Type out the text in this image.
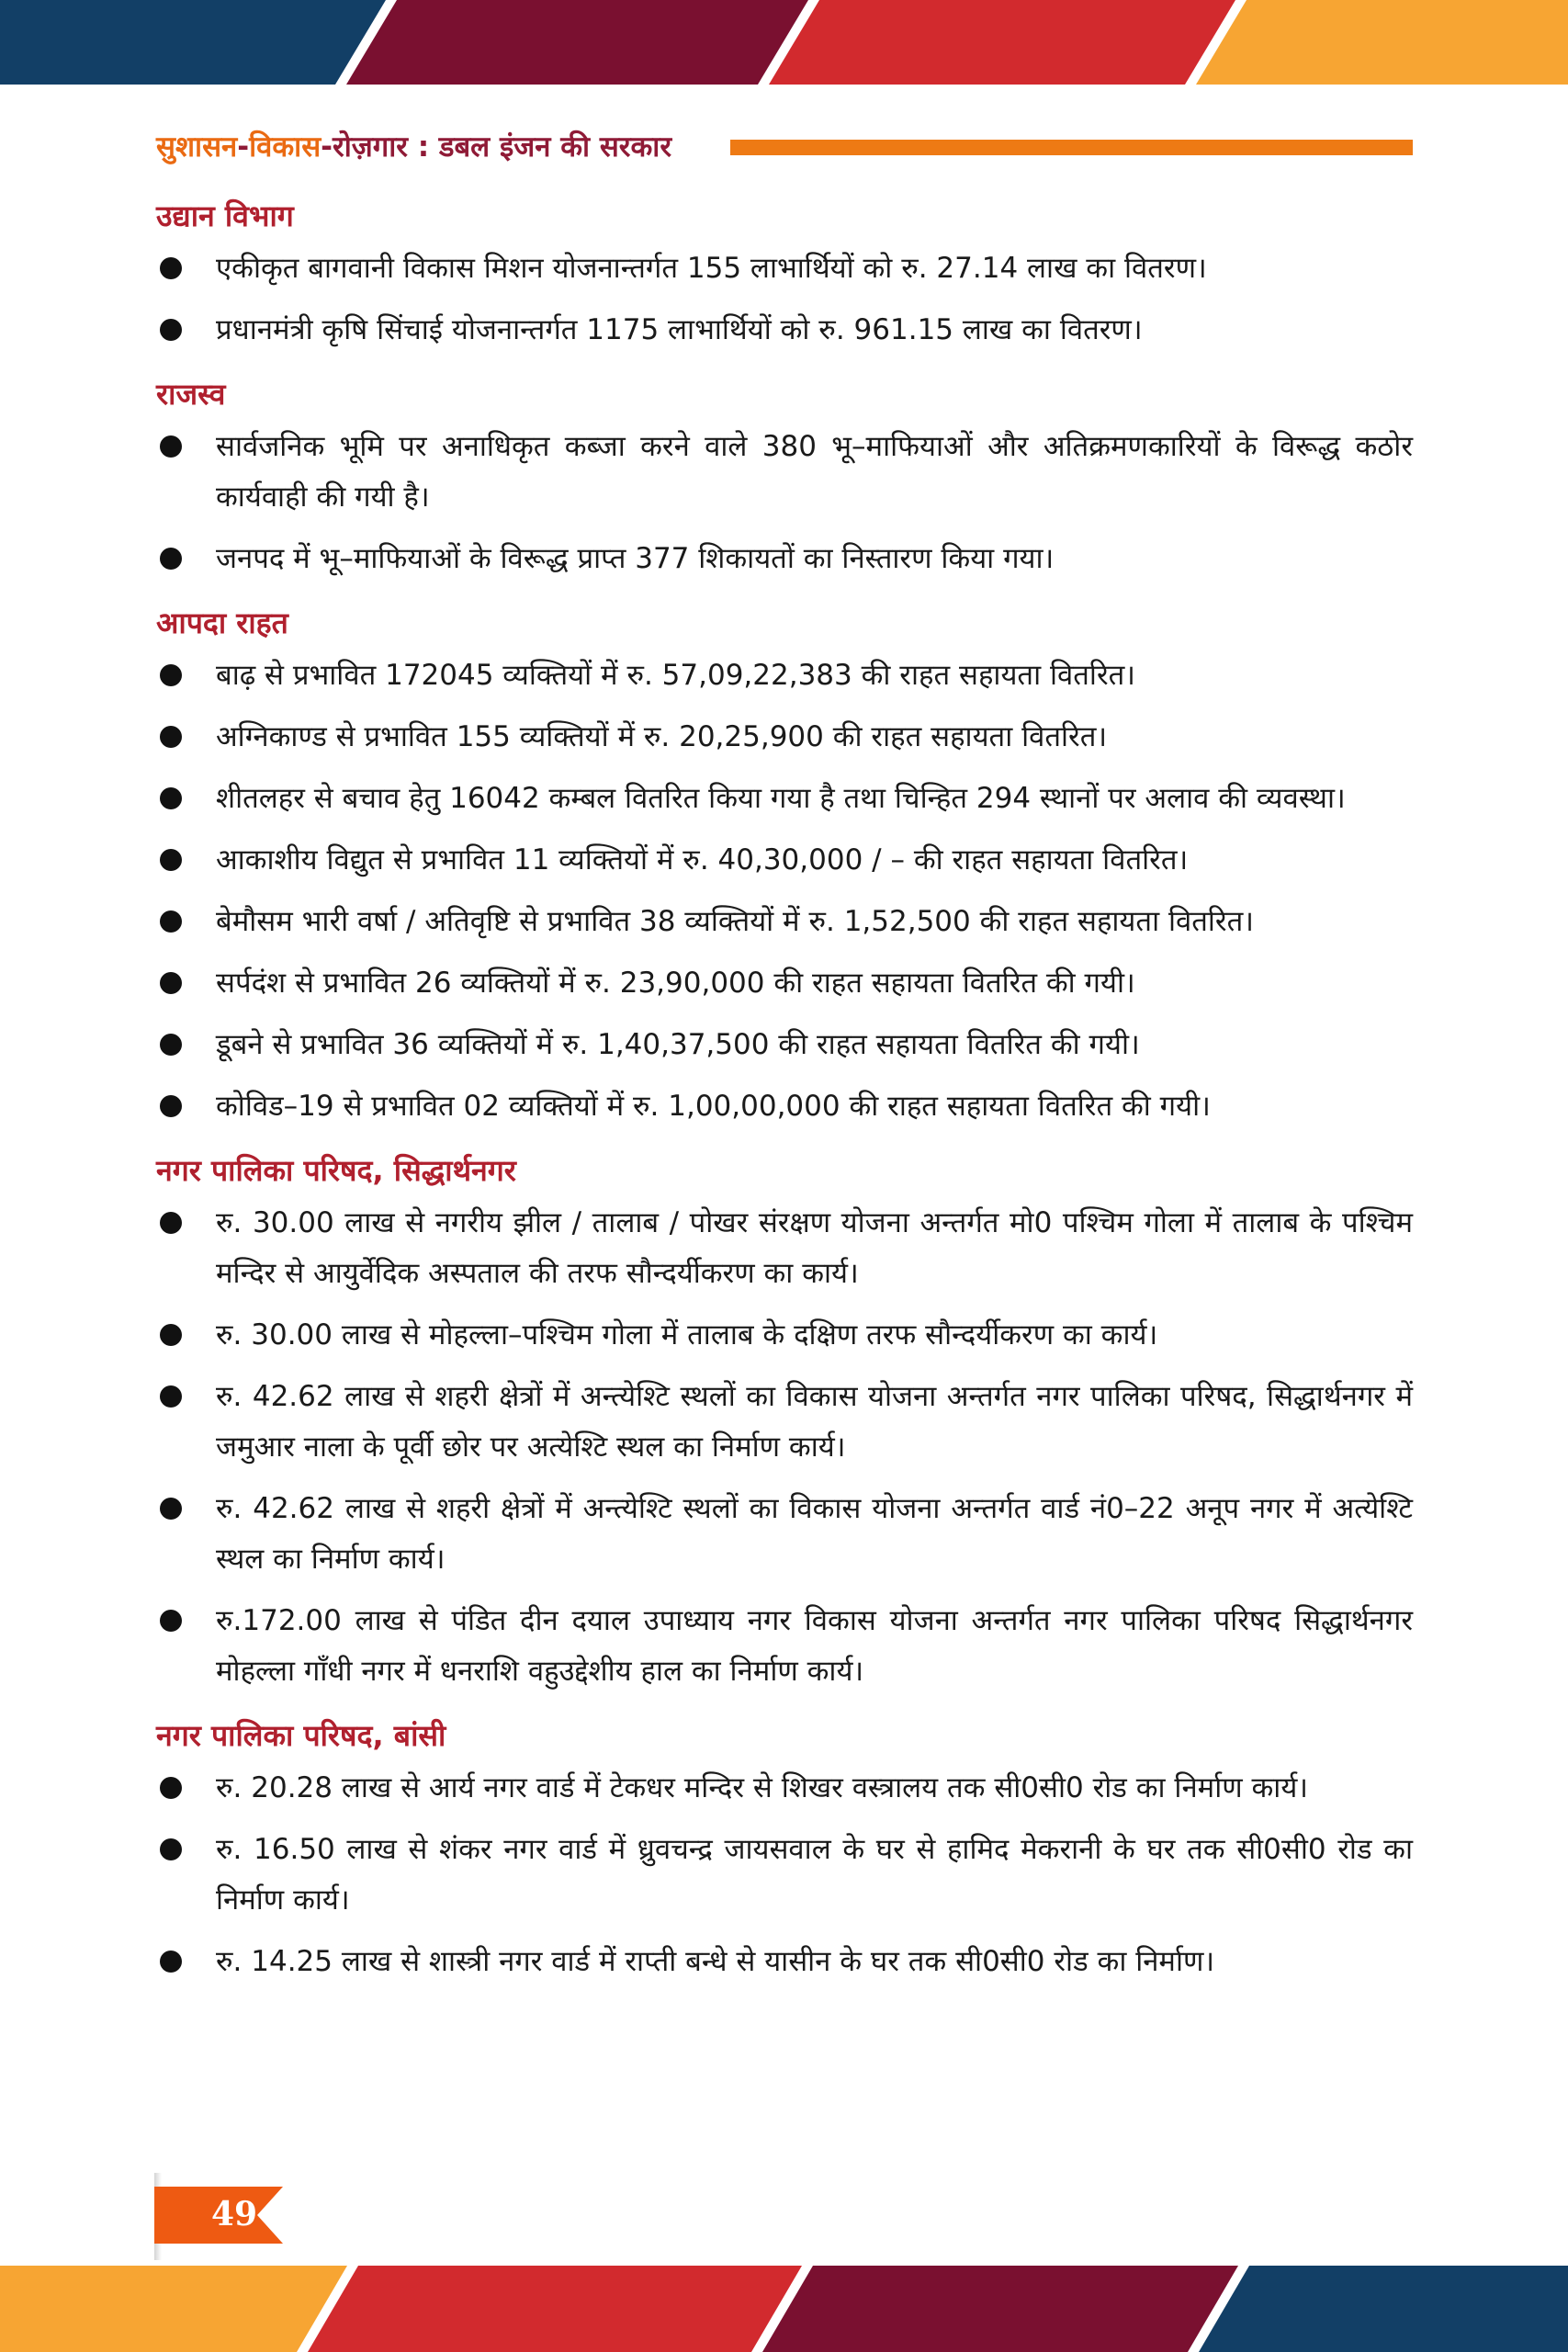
सुशासन-विकास-रोज़गार : डबल इंजन की सरकार
उद्यान विभाग
एकीकृत बागवानी विकास मिशन योजनान्तर्गत 155 लाभार्थियों को रु. 27.14 लाख का वितरण।
प्रधानमंत्री कृषि सिंचाई योजनान्तर्गत 1175 लाभार्थियों को रु. 961.15 लाख का वितरण।
राजस्व
सार्वजनिक भूमि पर अनाधिकृत कब्जा करने वाले 380 भू–माफियाओं और अतिक्रमणकारियों के विरूद्ध कठोर कार्यवाही की गयी है।
जनपद में भू–माफियाओं के विरूद्ध प्राप्त 377 शिकायतों का निस्तारण किया गया।
आपदा राहत
बाढ़ से प्रभावित 172045 व्यक्तियों में रु. 57,09,22,383 की राहत सहायता वितरित।
अग्निकाण्ड से प्रभावित 155 व्यक्तियों में रु. 20,25,900 की राहत सहायता वितरित।
शीतलहर से बचाव हेतु 16042 कम्बल वितरित किया गया है तथा चिन्हित 294 स्थानों पर अलाव की व्यवस्था।
आकाशीय विद्युत से प्रभावित 11 व्यक्तियों में रु. 40,30,000 / – की राहत सहायता वितरित।
बेमौसम भारी वर्षा / अतिवृष्टि से प्रभावित 38 व्यक्तियों में रु. 1,52,500 की राहत सहायता वितरित।
सर्पदंश से प्रभावित 26 व्यक्तियों में रु. 23,90,000 की राहत सहायता वितरित की गयी।
डूबने से प्रभावित 36 व्यक्तियों में रु. 1,40,37,500 की राहत सहायता वितरित की गयी।
कोविड–19 से प्रभावित 02 व्यक्तियों में रु. 1,00,00,000 की राहत सहायता वितरित की गयी।
नगर पालिका परिषद, सिद्धार्थनगर
रु. 30.00 लाख से नगरीय झील / तालाब / पोखर संरक्षण योजना अन्तर्गत मो0 पश्चिम गोला में तालाब के पश्चिम मन्दिर से आयुर्वेदिक अस्पताल की तरफ सौन्दर्यीकरण का कार्य।
रु. 30.00 लाख से मोहल्ला–पश्चिम गोला में तालाब के दक्षिण तरफ सौन्दर्यीकरण का कार्य।
रु. 42.62 लाख से शहरी क्षेत्रों में अन्त्येश्टि स्थलों का विकास योजना अन्तर्गत नगर पालिका परिषद, सिद्धार्थनगर में जमुआर नाला के पूर्वी छोर पर अत्येश्टि स्थल का निर्माण कार्य।
रु. 42.62 लाख से शहरी क्षेत्रों में अन्त्येश्टि स्थलों का विकास योजना अन्तर्गत वार्ड नं0–22 अनूप नगर में अत्येश्टि स्थल का निर्माण कार्य।
रु.172.00 लाख से पंडित दीन दयाल उपाध्याय नगर विकास योजना अन्तर्गत नगर पालिका परिषद सिद्धार्थनगर मोहल्ला गाँधी नगर में धनराशि वहुउद्देशीय हाल का निर्माण कार्य।
नगर पालिका परिषद, बांसी
रु. 20.28 लाख से आर्य नगर वार्ड में टेकधर मन्दिर से शिखर वस्त्रालय तक सी0सी0 रोड का निर्माण कार्य।
रु. 16.50 लाख से शंकर नगर वार्ड में ध्रुवचन्द्र जायसवाल के घर से हामिद मेकरानी के घर तक सी0सी0 रोड का निर्माण कार्य।
रु. 14.25 लाख से शास्त्री नगर वार्ड में राप्ती बन्धे से यासीन के घर तक सी0सी0 रोड का निर्माण।
49
